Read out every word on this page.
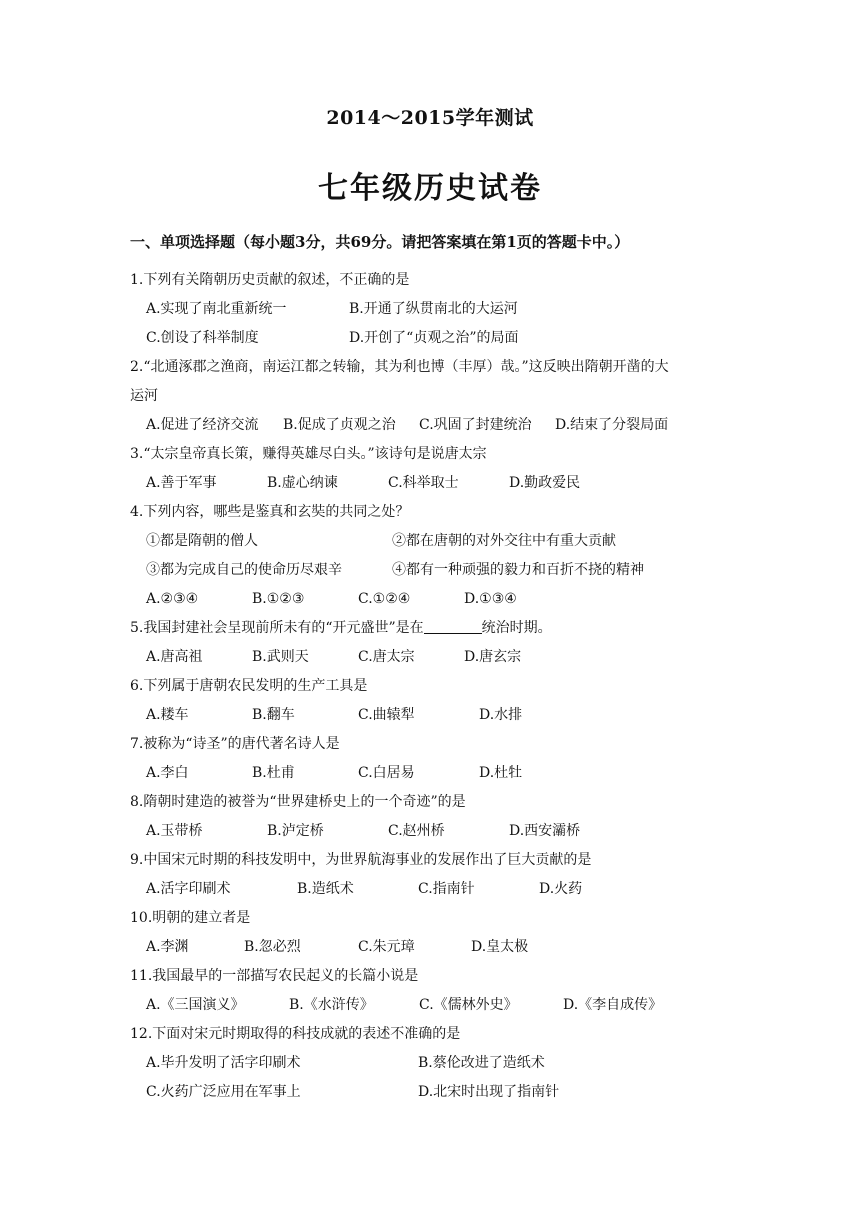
2014～2015学年测试
七年级历史试卷
一、单项选择题（每小题3分，共69分。请把答案填在第1页的答题卡中。）
1.下列有关隋朝历史贡献的叙述，不正确的是
A.实现了南北重新统一	B.开通了纵贯南北的大运河
C.创设了科举制度	D.开创了“贞观之治”的局面
2.“北通涿郡之渔商，南运江都之转输，其为利也博（丰厚）哉。”这反映出隋朝开凿的大
运河
A.促进了经济交流 B.促成了贞观之治 C.巩固了封建统治 D.结束了分裂局面
3.“太宗皇帝真长策，赚得英雄尽白头。”该诗句是说唐太宗
A.善于军事	B.虚心纳谏	C.科举取士	D.勤政爱民
4.下列内容，哪些是鉴真和玄奘的共同之处？
①都是隋朝的僧人	②都在唐朝的对外交往中有重大贡献
③都为完成自己的使命历尽艰辛	④都有一种顽强的毅力和百折不挠的精神
A.②③④	B.①②③	C.①②④	D.①③④
5.我国封建社会呈现前所未有的“开元盛世”是在	统治时期。
A.唐高祖	B.武则天	C.唐太宗	D.唐玄宗
6.下列属于唐朝农民发明的生产工具是
A.耧车	B.翻车	C.曲辕犁	D.水排
7.被称为“诗圣”的唐代著名诗人是
A.李白	B.杜甫	C.白居易	D.杜牡
8.隋朝时建造的被誉为“世界建桥史上的一个奇迹”的是
A.玉带桥	B.泸定桥	C.赵州桥	D.西安灞桥
9.中国宋元时期的科技发明中，为世界航海事业的发展作出了巨大贡献的是
A.活字印刷术	B.造纸术	C.指南针	D.火药
10.明朝的建立者是
A.李渊	B.忽必烈	C.朱元璋	D.皇太极
11.我国最早的一部描写农民起义的长篇小说是
A.《三国演义》	B.《水浒传》	C.《儒林外史》	D.《李自成传》
12.下面对宋元时期取得的科技成就的表述不准确的是
A.毕升发明了活字印刷术	B.蔡伦改进了造纸术
C.火药广泛应用在军事上	D.北宋时出现了指南针
